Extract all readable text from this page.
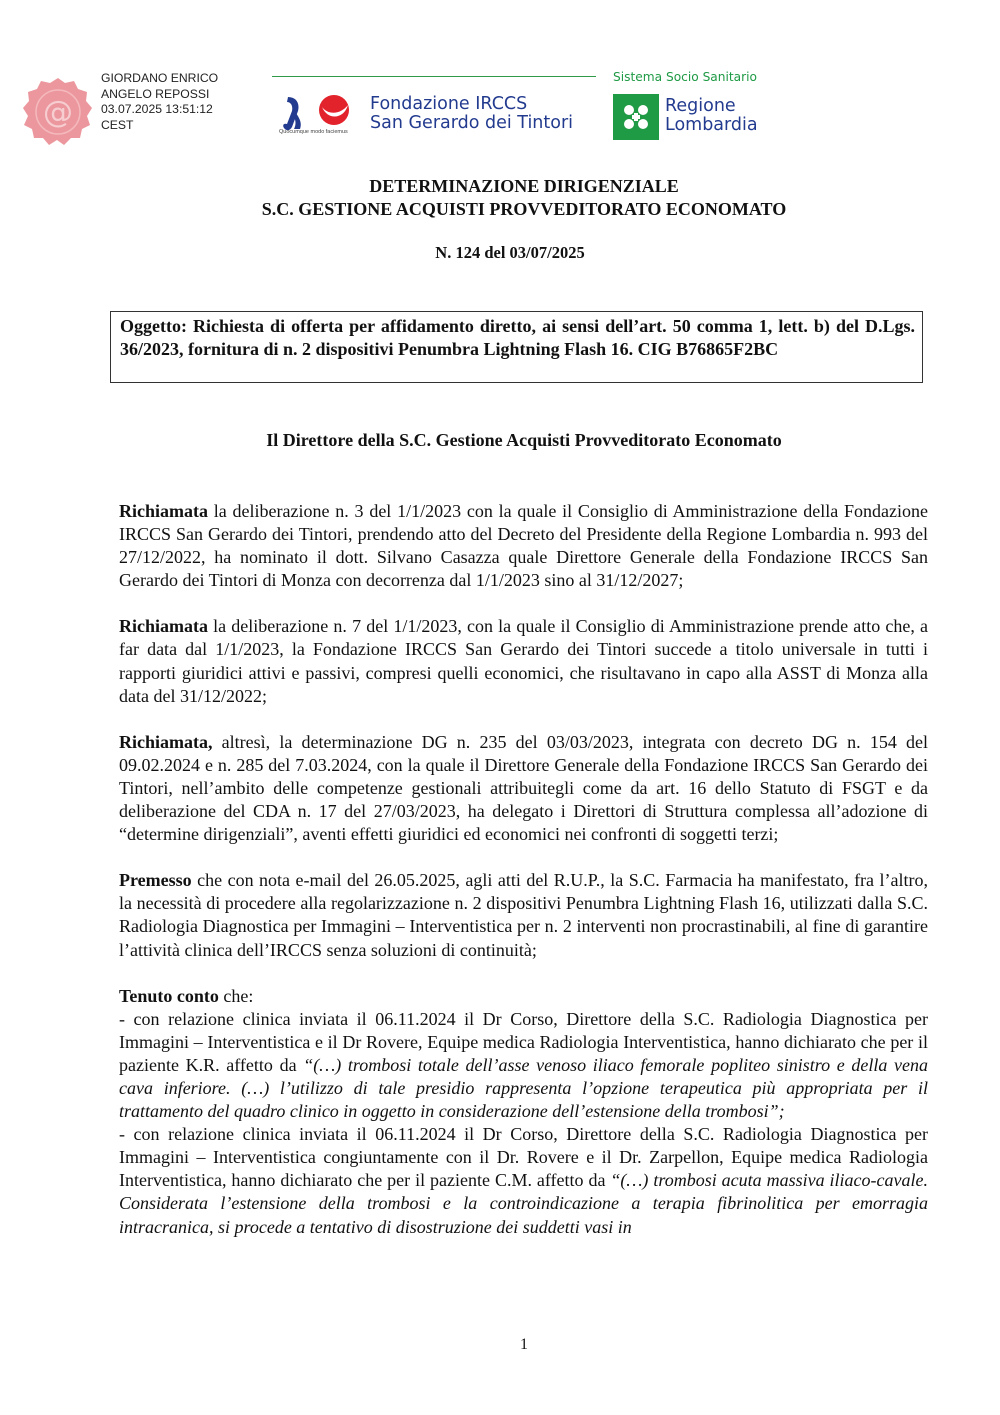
@
GIORDANO ENRICO
ANGELO REPOSSI
03.07.2025 13:51:12
CEST
Quocumque modo faciemus
Fondazione IRCCS
San Gerardo dei Tintori
Sistema Socio Sanitario
Regione
Lombardia
DETERMINAZIONE DIRIGENZIALE
S.C. GESTIONE ACQUISTI PROVVEDITORATO ECONOMATO
N. 124 del 03/07/2025
Oggetto: Richiesta di offerta per affidamento diretto, ai sensi dell’art. 50 comma 1, lett. b) del D.Lgs. 36/2023, fornitura di n. 2 dispositivi Penumbra Lightning Flash 16. CIG B76865F2BC
Il Direttore della S.C. Gestione Acquisti Provveditorato Economato

Richiamata la deliberazione n. 3 del 1/1/2023 con la quale il Consiglio di Amministrazione della Fondazione IRCCS San Gerardo dei Tintori, prendendo atto del Decreto del Presidente della Regione Lombardia n. 993 del 27/12/2022, ha nominato il dott. Silvano Casazza quale Direttore Generale della Fondazione IRCCS San Gerardo dei Tintori di Monza con decorrenza dal 1/1/2023 sino al 31/12/2027;

Richiamata la deliberazione n. 7 del 1/1/2023, con la quale il Consiglio di Amministrazione prende atto che, a far data dal 1/1/2023, la Fondazione IRCCS San Gerardo dei Tintori succede a titolo universale in tutti i rapporti giuridici attivi e passivi, compresi quelli economici, che risultavano in capo alla ASST di Monza alla data del 31/12/2022;

Richiamata, altresì, la determinazione DG n. 235 del 03/03/2023, integrata con decreto DG n. 154 del 09.02.2024 e n. 285 del 7.03.2024, con la quale il Direttore Generale della Fondazione IRCCS San Gerardo dei Tintori, nell’ambito delle competenze gestionali attribuitegli come da art. 16 dello Statuto di FSGT e da deliberazione del CDA n. 17 del 27/03/2023, ha delegato i Direttori di Struttura complessa all’adozione di “determine dirigenziali”, aventi effetti giuridici ed economici nei confronti di soggetti terzi;

Premesso che con nota e-mail del 26.05.2025, agli atti del R.U.P., la S.C. Farmacia ha manifestato, fra l’altro, la necessità di procedere alla regolarizzazione n. 2 dispositivi Penumbra Lightning Flash 16, utilizzati dalla S.C. Radiologia Diagnostica per Immagini – Interventistica per n. 2 interventi non procrastinabili, al fine di garantire l’attività clinica dell’IRCCS senza soluzioni di continuità;

Tenuto conto che:

- con relazione clinica inviata il 06.11.2024 il Dr Corso, Direttore della S.C. Radiologia Diagnostica per Immagini – Interventistica e il Dr Rovere, Equipe medica Radiologia Interventistica, hanno dichiarato che per il paziente K.R. affetto da “(…) trombosi totale dell’asse venoso iliaco femorale popliteo sinistro e della vena cava inferiore. (…) l’utilizzo di tale presidio rappresenta l’opzione terapeutica più appropriata per il trattamento del quadro clinico in oggetto in considerazione dell’estensione della trombosi”;

- con relazione clinica inviata il 06.11.2024 il Dr Corso, Direttore della S.C. Radiologia Diagnostica per Immagini – Interventistica congiuntamente con il Dr. Rovere e il Dr. Zarpellon, Equipe medica Radiologia Interventistica, hanno dichiarato che per il paziente C.M. affetto da “(…) trombosi acuta massiva iliaco-cavale. Considerata l’estensione della trombosi e la controindicazione a terapia fibrinolitica per emorragia intracranica, si procede a tentativo di disostruzione dei suddetti vasi in

1
